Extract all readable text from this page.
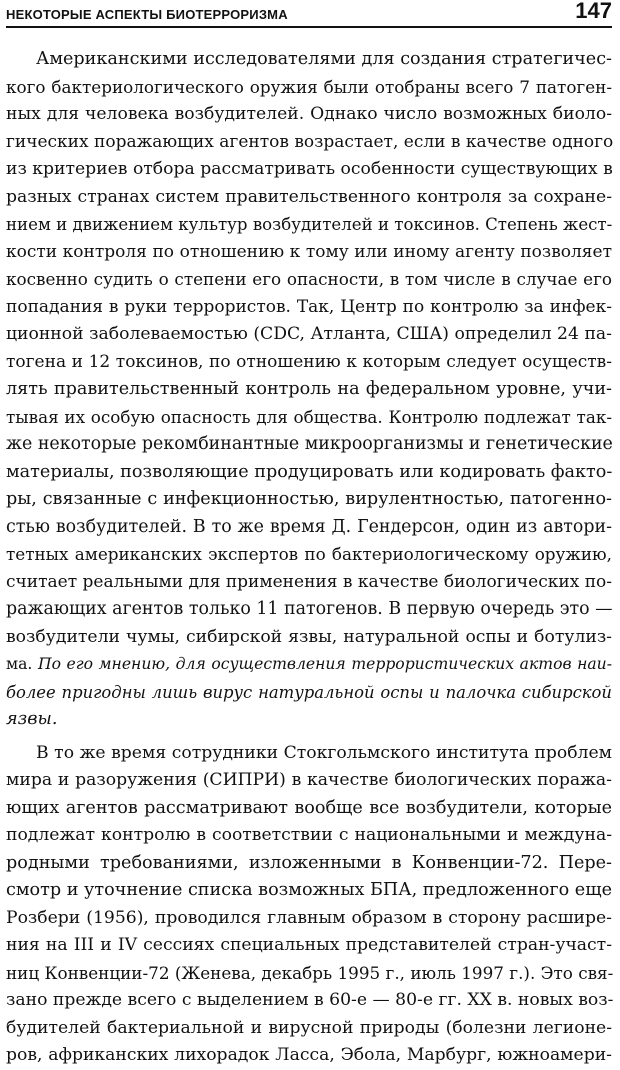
НЕКОТОРЫЕ АСПЕКТЫ БИОТЕРРОРИЗМА	147
Американскими исследователями для создания стратегичес-
кого бактериологического оружия были отобраны всего 7 патоген-
ных для человека возбудителей. Однако число возможных биоло-
гических поражающих агентов возрастает, если в качестве одного
из критериев отбора рассматривать особенности существующих в
разных странах систем правительственного контроля за сохране-
нием и движением культур возбудителей и токсинов. Степень жест-
кости контроля по отношению к тому или иному агенту позволяет
косвенно судить о степени его опасности, в том числе в случае его
попадания в руки террористов. Так, Центр по контролю за инфек-
ционной заболеваемостью (CDC, Атланта, США) определил 24 па-
тогена и 12 токсинов, по отношению к которым следует осуществ-
лять правительственный контроль на федеральном уровне, учи-
тывая их особую опасность для общества. Контролю подлежат так-
же некоторые рекомбинантные микроорганизмы и генетические
материалы, позволяющие продуцировать или кодировать факто-
ры, связанные с инфекционностью, вирулентностью, патогенно-
стью возбудителей. В то же время Д. Гендерсон, один из автори-
тетных американских экспертов по бактериологическому оружию,
считает реальными для применения в качестве биологических по-
ражающих агентов только 11 патогенов. В первую очередь это —
возбудители чумы, сибирской язвы, натуральной оспы и ботулиз-
ма. По его мнению, для осуществления террористических актов наи-
более пригодны лишь вирус натуральной оспы и палочка сибирской
язвы.
В то же время сотрудники Стокгольмского института проблем
мира и разоружения (СИПРИ) в качестве биологических поража-
ющих агентов рассматривают вообще все возбудители, которые
подлежат контролю в соответствии с национальными и междуна-
родными требованиями, изложенными в Конвенции-72. Пере-
смотр и уточнение списка возможных БПА, предложенного еще
Розбери (1956), проводился главным образом в сторону расшире-
ния на III и IV сессиях специальных представителей стран-участ-
ниц Конвенции-72 (Женева, декабрь 1995 г., июль 1997 г.). Это свя-
зано прежде всего с выделением в 60-е — 80-е гг. XX в. новых воз-
будителей бактериальной и вирусной природы (болезни легионе-
ров, африканских лихорадок Ласса, Эбола, Марбург, южноамери-
